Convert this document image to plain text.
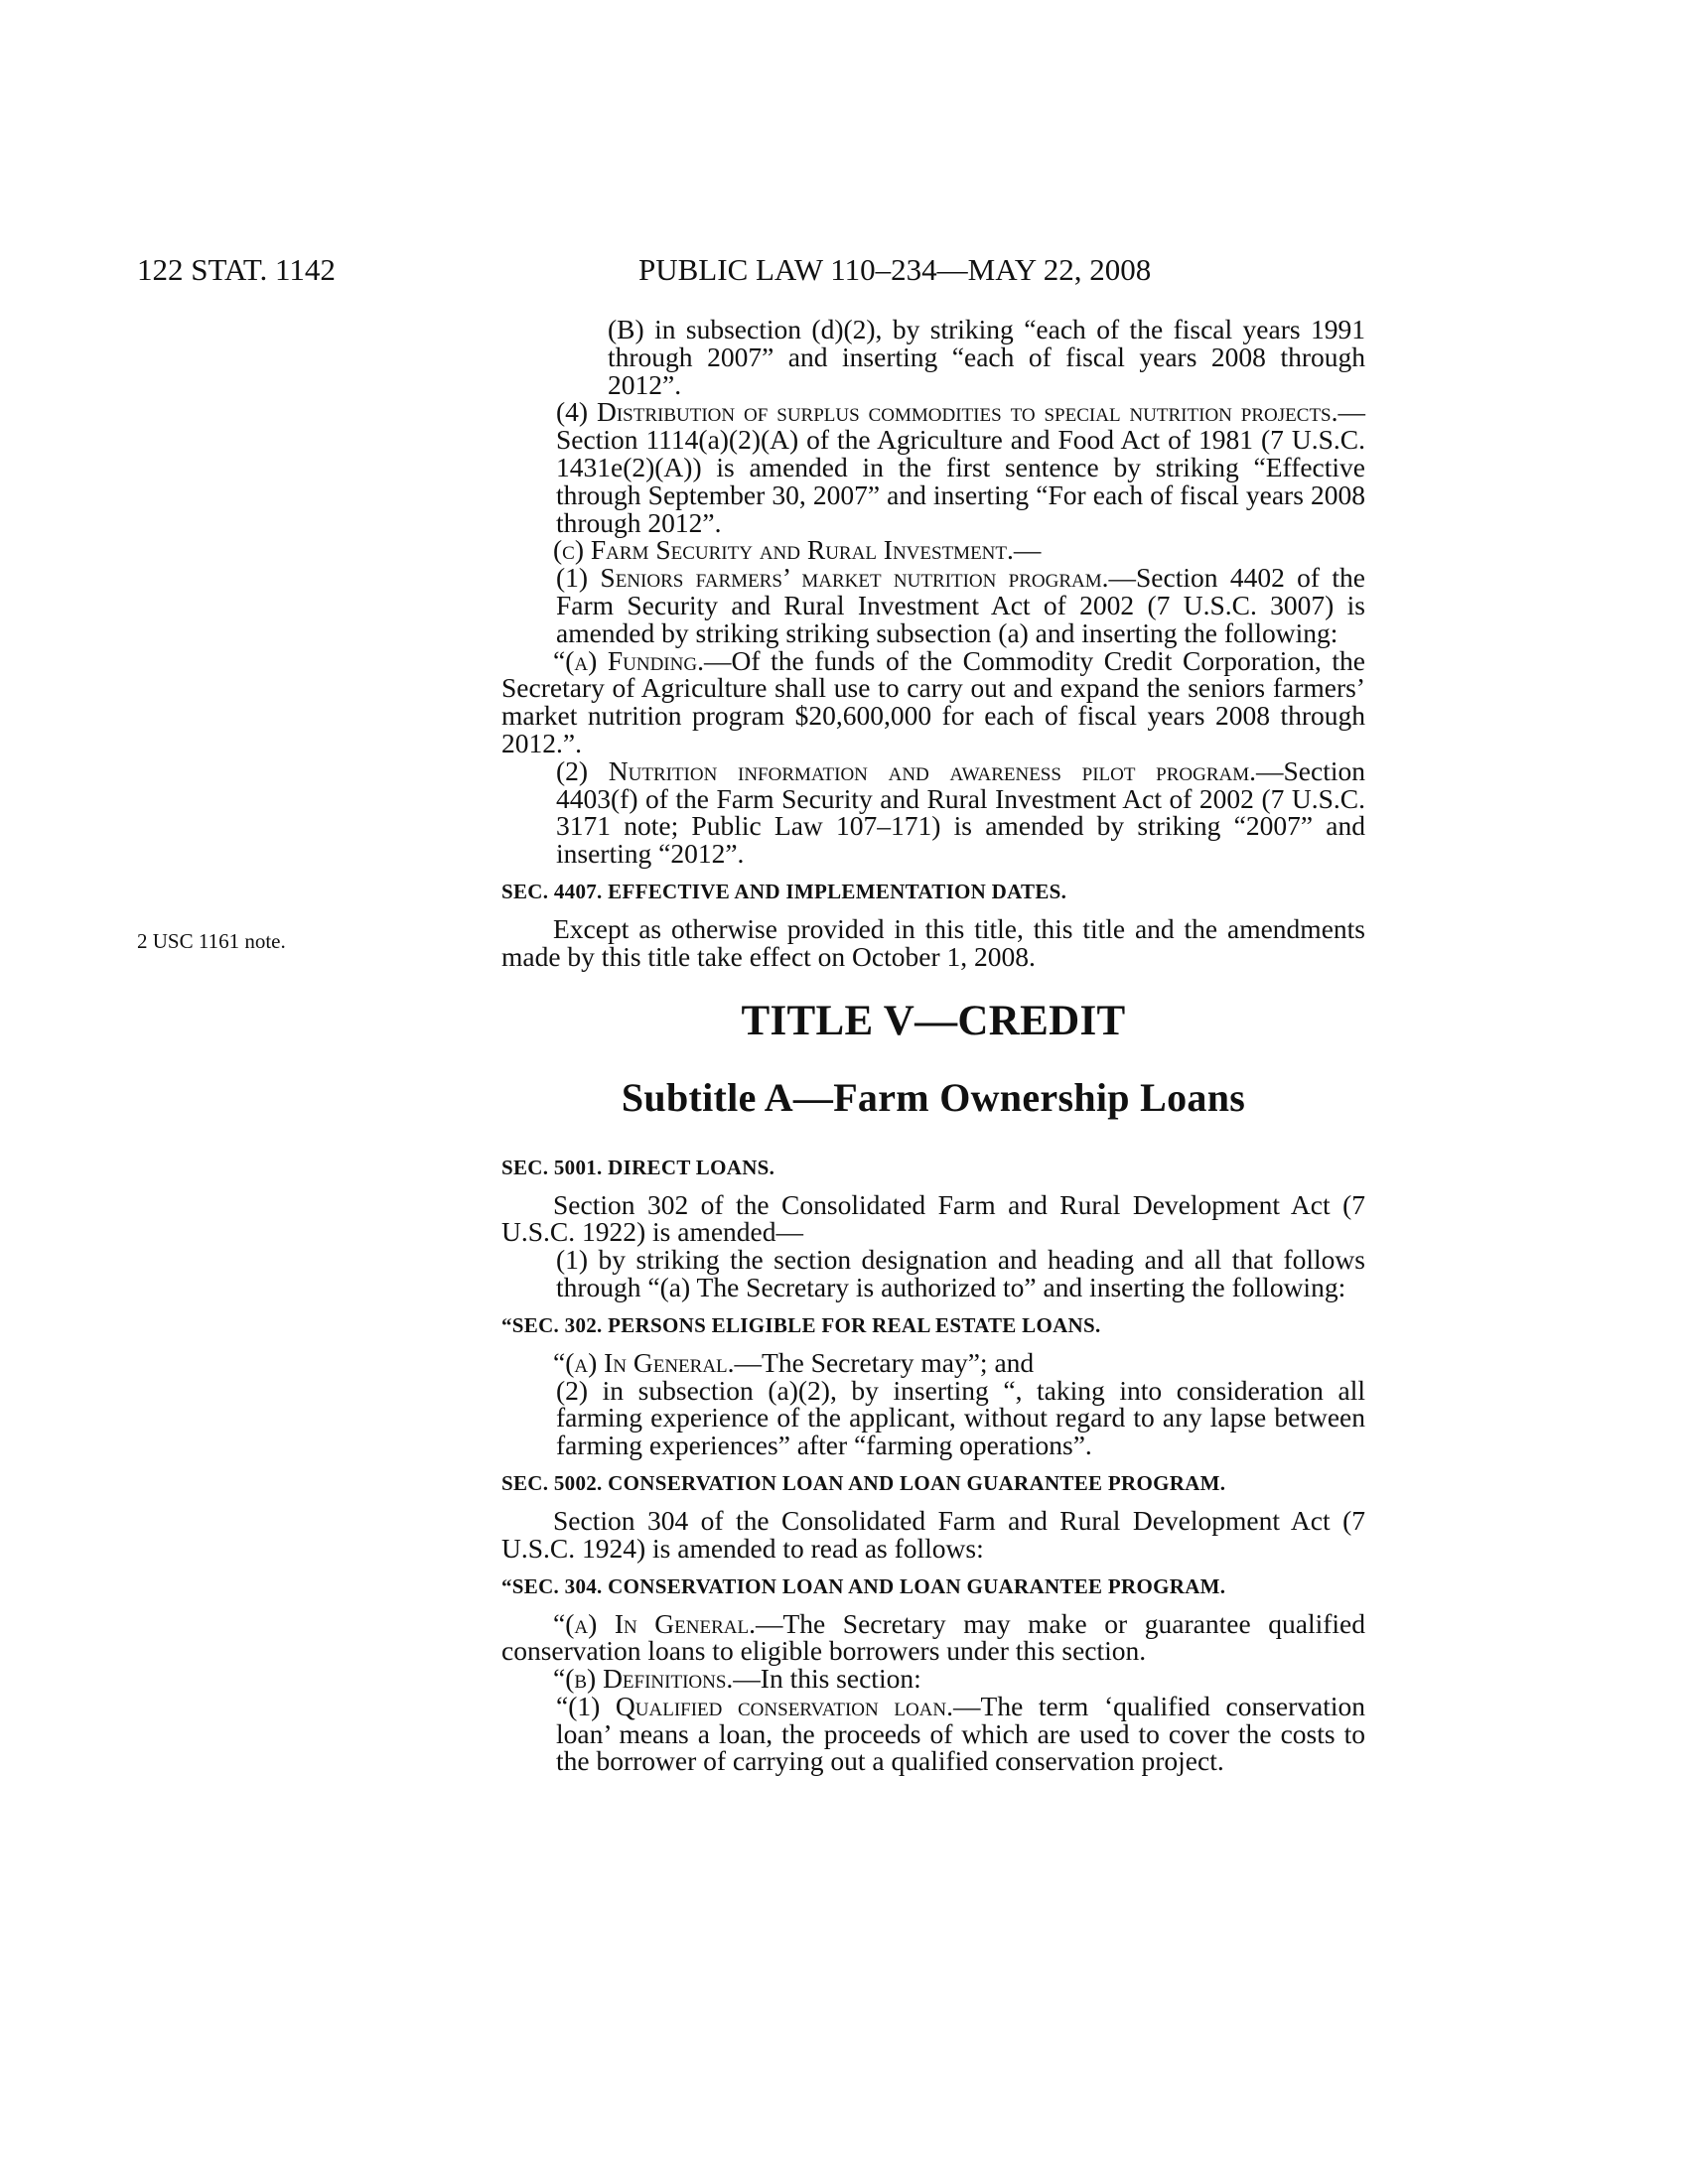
122 STAT. 1142	PUBLIC LAW 110–234—MAY 22, 2008
2 USC 1161 note.

(B) in subsection (d)(2), by striking “each of the fiscal years 1991 through 2007” and inserting “each of fiscal years 2008 through 2012”.

(4) Distribution of surplus commodities to special nutrition projects.—Section 1114(a)(2)(A) of the Agriculture and Food Act of 1981 (7 U.S.C. 1431e(2)(A)) is amended in the first sentence by striking “Effective through September 30, 2007” and inserting “For each of fiscal years 2008 through 2012”.

(c) Farm Security and Rural Investment.—

(1) Seniors farmers’ market nutrition program.—Section 4402 of the Farm Security and Rural Investment Act of 2002 (7 U.S.C. 3007) is amended by striking striking subsection (a) and inserting the following:

“(a) Funding.—Of the funds of the Commodity Credit Corporation, the Secretary of Agriculture shall use to carry out and expand the seniors farmers’ market nutrition program $20,600,000 for each of fiscal years 2008 through 2012.”.

(2) Nutrition information and awareness pilot program.—Section 4403(f) of the Farm Security and Rural Investment Act of 2002 (7 U.S.C. 3171 note; Public Law 107–171) is amended by striking “2007” and inserting “2012”.

SEC. 4407. EFFECTIVE AND IMPLEMENTATION DATES.

Except as otherwise provided in this title, this title and the amendments made by this title take effect on October 1, 2008.

TITLE V—CREDIT

Subtitle A—Farm Ownership Loans

SEC. 5001. DIRECT LOANS.

Section 302 of the Consolidated Farm and Rural Development Act (7 U.S.C. 1922) is amended—

(1) by striking the section designation and heading and all that follows through “(a) The Secretary is authorized to” and inserting the following:

“SEC. 302. PERSONS ELIGIBLE FOR REAL ESTATE LOANS.

“(a) In General.—The Secretary may”; and

(2) in subsection (a)(2), by inserting “, taking into consideration all farming experience of the applicant, without regard to any lapse between farming experiences” after “farming operations”.

SEC. 5002. CONSERVATION LOAN AND LOAN GUARANTEE PROGRAM.

Section 304 of the Consolidated Farm and Rural Development Act (7 U.S.C. 1924) is amended to read as follows:

“SEC. 304. CONSERVATION LOAN AND LOAN GUARANTEE PROGRAM.

“(a) In General.—The Secretary may make or guarantee qualified conservation loans to eligible borrowers under this section.

“(b) Definitions.—In this section:

“(1) Qualified conservation loan.—The term ‘qualified conservation loan’ means a loan, the proceeds of which are used to cover the costs to the borrower of carrying out a qualified conservation project.
